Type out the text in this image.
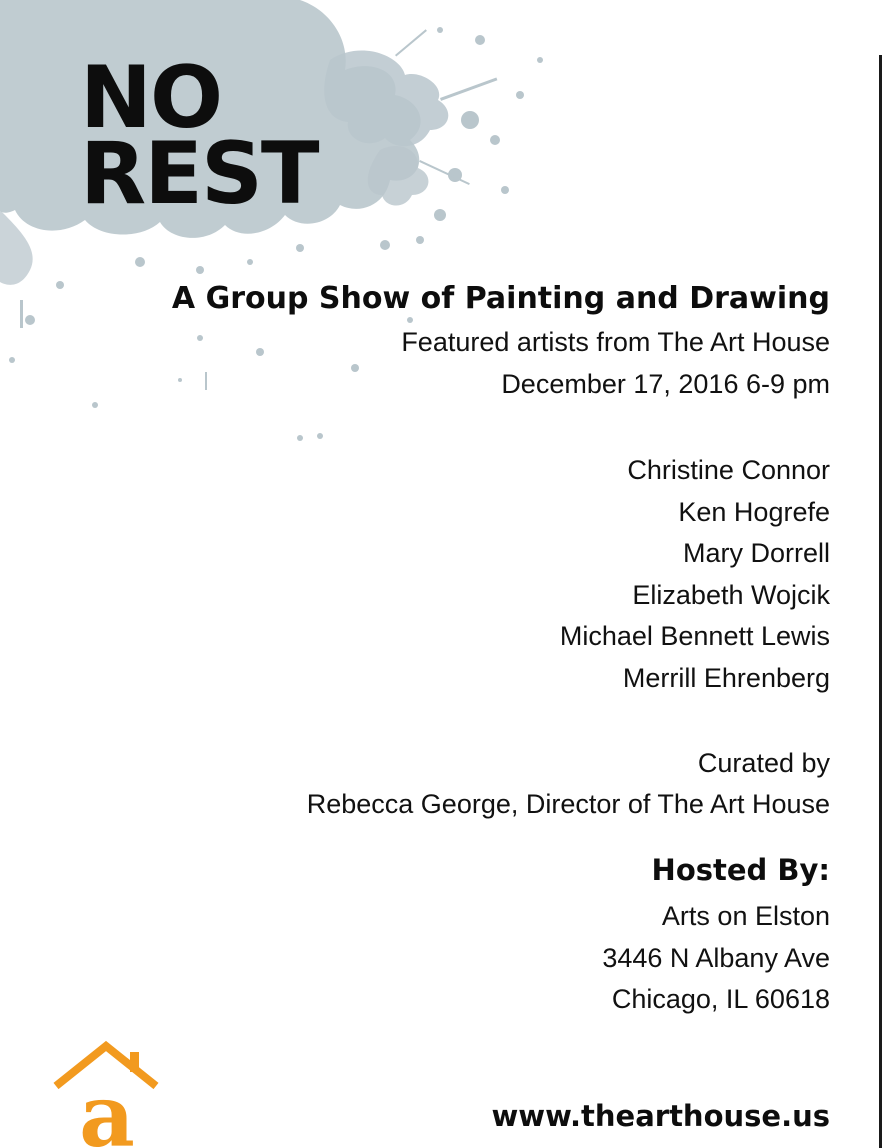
NO
REST
A Group Show of Painting and Drawing
Featured artists from The Art House
December 17, 2016 6-9 pm
Christine Connor
Ken Hogrefe
Mary Dorrell
Elizabeth Wojcik
Michael Bennett Lewis
Merrill Ehrenberg
Curated by
Rebecca George, Director of The Art House
Hosted By:
Arts on Elston
3446 N Albany Ave
Chicago, IL 60618
a	www.thearthouse.us
